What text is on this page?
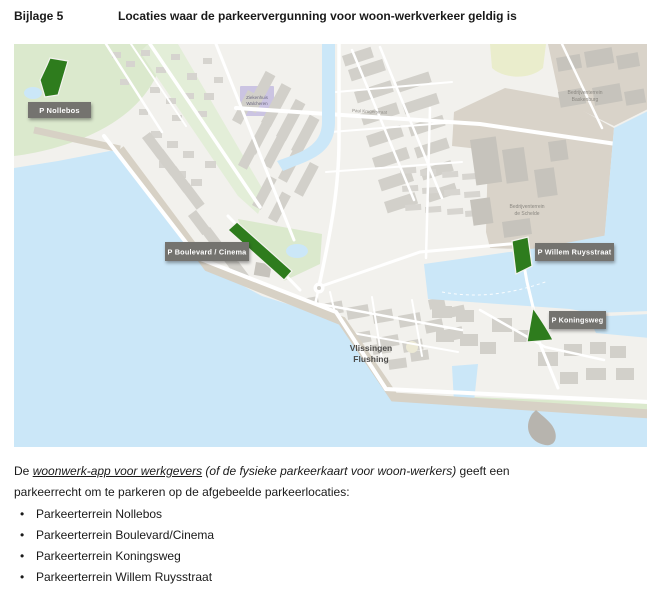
Bijlage 5	Locaties waar de parkeervergunning voor woon-werkverkeer geldig is
Bedrijventerrein
de Schelde
Bedrijventerrein
Baskenburg
Ziekenhuis
Walcheren
Paul Krugerstraat
Vlissingen
Flushing
P Nollebos
P Boulevard / Cinema	P Willem Ruysstraat
P Koningsweg

De woonwerk-app voor werkgevers (of de fysieke parkeerkaart voor woon-werkers) geeft een
parkeerrecht om te parkeren op de afgebeelde parkeerlocaties:

• Parkeerterrein Nollebos
• Parkeerterrein Boulevard/Cinema
• Parkeerterrein Koningsweg
• Parkeerterrein Willem Ruysstraat
